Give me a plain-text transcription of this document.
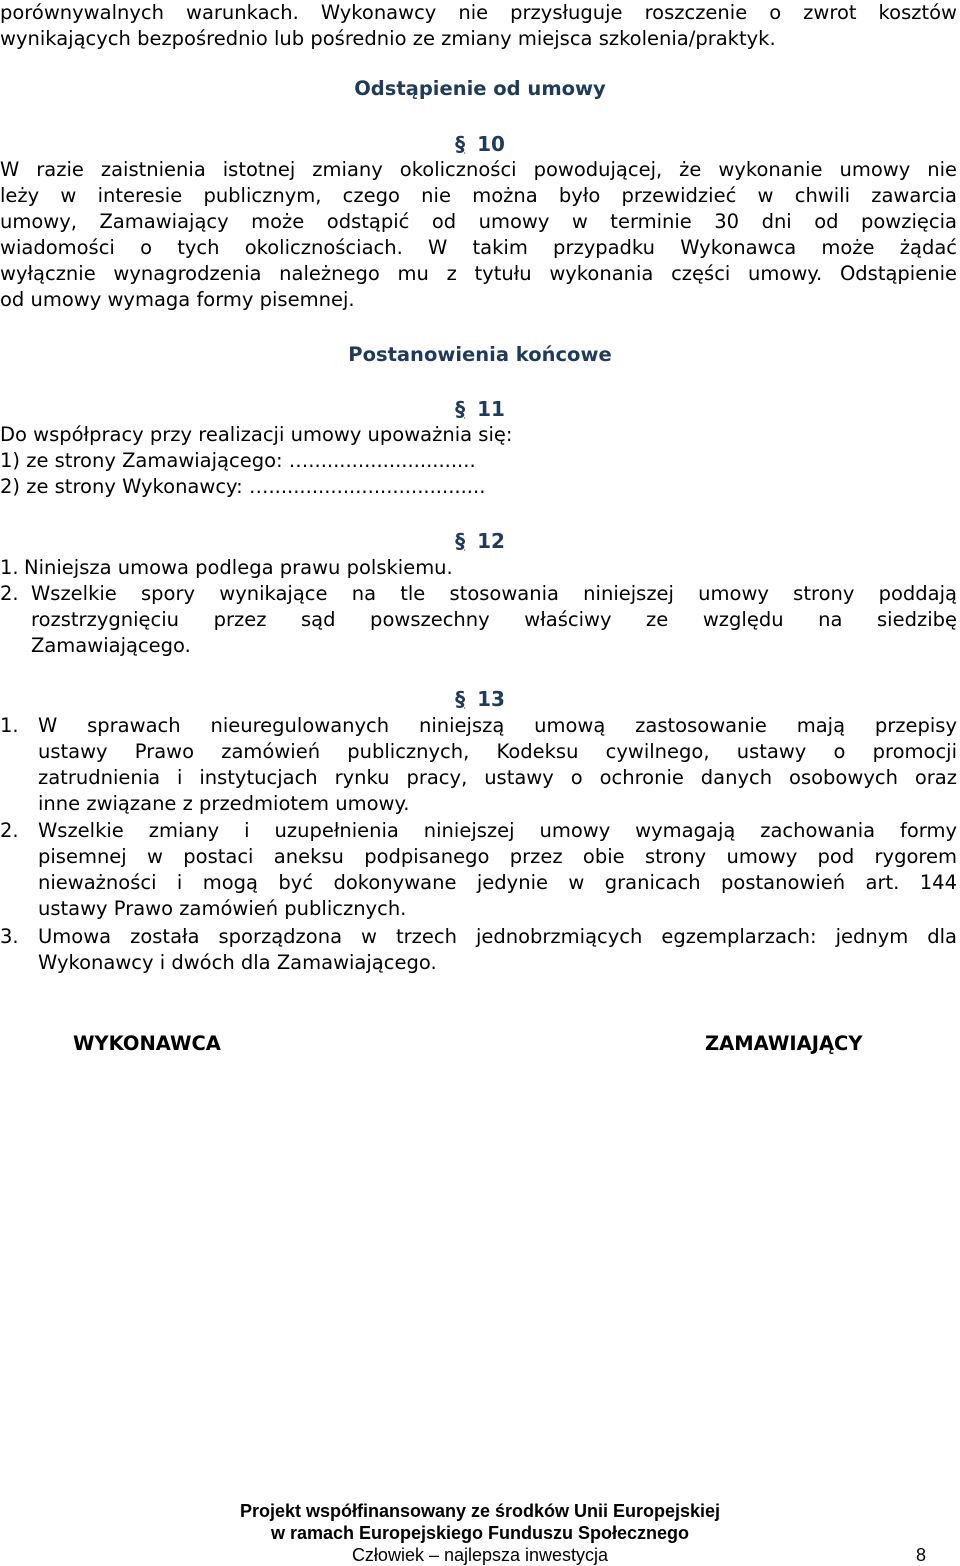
porównywalnych warunkach. Wykonawcy nie przysługuje roszczenie o zwrot kosztów
wynikających bezpośrednio lub pośrednio ze zmiany miejsca szkolenia/praktyk.
Odstąpienie od umowy
§ 10
W razie zaistnienia istotnej zmiany okoliczności powodującej, że wykonanie umowy nie
leży w interesie publicznym, czego nie można było przewidzieć w chwili zawarcia
umowy, Zamawiający może odstąpić od umowy w terminie 30 dni od powzięcia
wiadomości o tych okolicznościach. W takim przypadku Wykonawca może żądać
wyłącznie wynagrodzenia należnego mu z tytułu wykonania części umowy. Odstąpienie
od umowy wymaga formy pisemnej.
Postanowienia końcowe
§ 11
Do współpracy przy realizacji umowy upoważnia się:
1) ze strony Zamawiającego: …...........................
2) ze strony Wykonawcy: …...................................
§ 12
1. Niniejsza umowa podlega prawu polskiemu.
2. Wszelkie spory wynikające na tle stosowania niniejszej umowy strony poddają
rozstrzygnięciu przez sąd powszechny właściwy ze względu na siedzibę
Zamawiającego.
§ 13
1. W sprawach nieuregulowanych niniejszą umową zastosowanie mają przepisy
ustawy Prawo zamówień publicznych, Kodeksu cywilnego, ustawy o promocji
zatrudnienia i instytucjach rynku pracy, ustawy o ochronie danych osobowych oraz
inne związane z przedmiotem umowy.
2. Wszelkie zmiany i uzupełnienia niniejszej umowy wymagają zachowania formy
pisemnej w postaci aneksu podpisanego przez obie strony umowy pod rygorem
nieważności i mogą być dokonywane jedynie w granicach postanowień art. 144
ustawy Prawo zamówień publicznych.
3. Umowa została sporządzona w trzech jednobrzmiących egzemplarzach: jednym dla
Wykonawcy i dwóch dla Zamawiającego.
WYKONAWCA	ZAMAWIAJĄCY
Projekt współfinansowany ze środków Unii Europejskiej
w ramach Europejskiego Funduszu Społecznego
Człowiek – najlepsza inwestycja	8
